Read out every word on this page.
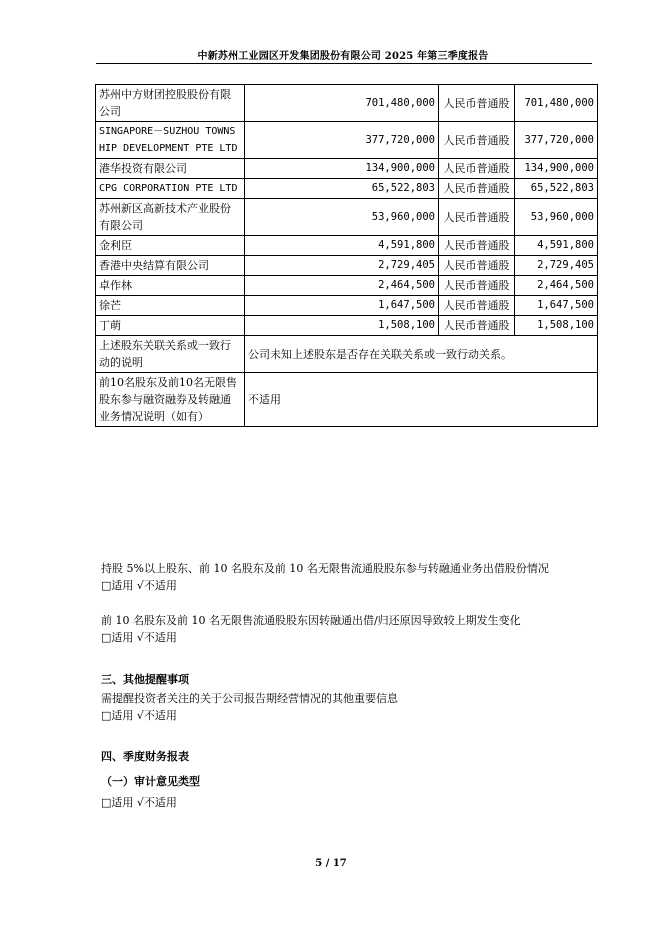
中新苏州工业园区开发集团股份有限公司 2025 年第三季度报告
苏州中方财团控股股份有限公司	701,480,000	人民币普通股	701,480,000
SINGAPORE－SUZHOU TOWNSHIP DEVELOPMENT PTE LTD	377,720,000	人民币普通股	377,720,000
港华投资有限公司	134,900,000	人民币普通股	134,900,000
CPG CORPORATION PTE LTD	65,522,803	人民币普通股	65,522,803
苏州新区高新技术产业股份有限公司	53,960,000	人民币普通股	53,960,000
金利臣	4,591,800	人民币普通股	4,591,800
香港中央结算有限公司	2,729,405	人民币普通股	2,729,405
卓作林	2,464,500	人民币普通股	2,464,500
徐芒	1,647,500	人民币普通股	1,647,500
丁萌	1,508,100	人民币普通股	1,508,100
上述股东关联关系或一致行动的说明	公司未知上述股东是否存在关联关系或一致行动关系。		
前10名股东及前10名无限售股东参与融资融券及转融通业务情况说明（如有）	不适用		
持股 5%以上股东、前 10 名股东及前 10 名无限售流通股股东参与转融通业务出借股份情况
□适用 √不适用
前 10 名股东及前 10 名无限售流通股股东因转融通出借/归还原因导致较上期发生变化
□适用 √不适用
三、其他提醒事项
需提醒投资者关注的关于公司报告期经营情况的其他重要信息
□适用 √不适用
四、季度财务报表
（一）审计意见类型
□适用 √不适用
5 / 17
